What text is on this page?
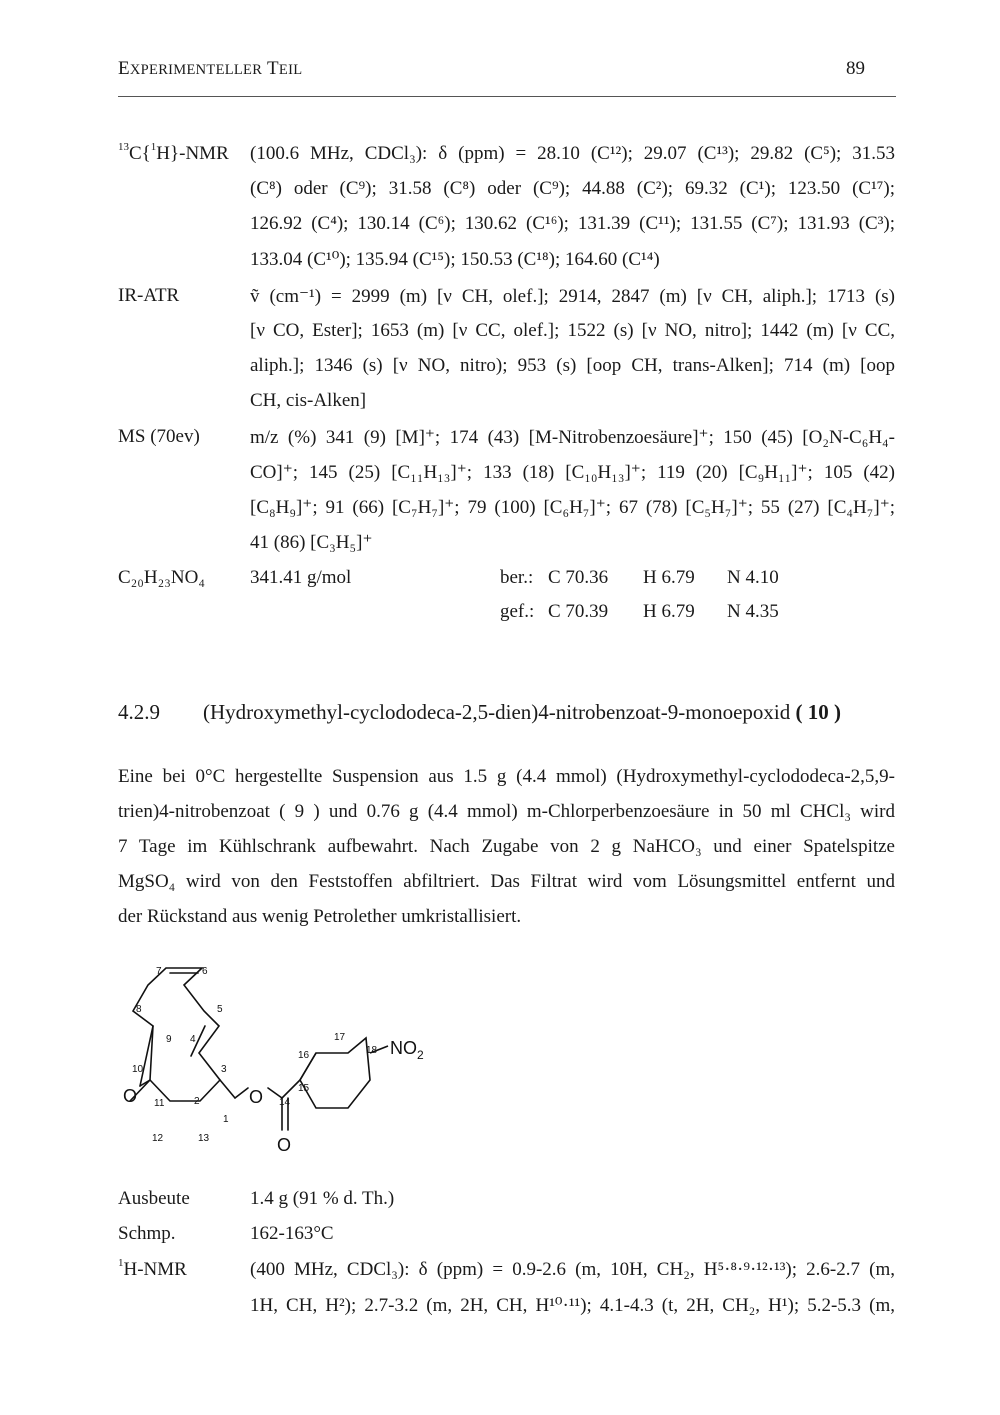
EXPERIMENTELLER TEIL	89
$^{13}$C{$^1$H}-NMR (100.6 MHz, CDCl₃): δ (ppm) = 28.10 (C¹²); 29.07 (C¹³); 29.82 (C⁵); 31.53
(C⁸) oder (C⁹); 31.58 (C⁸) oder (C⁹); 44.88 (C²); 69.32 (C¹); 123.50 (C¹⁷);
126.92 (C⁴); 130.14 (C⁶); 130.62 (C¹⁶); 131.39 (C¹¹); 131.55 (C⁷); 131.93 (C³);
133.04 (C¹⁰); 135.94 (C¹⁵); 150.53 (C¹⁸); 164.60 (C¹⁴)
IR-ATR	ṽ (cm⁻¹) = 2999 (m) [ν CH, olef.]; 2914, 2847 (m) [ν CH, aliph.]; 1713 (s)
[ν CO, Ester]; 1653 (m) [ν CC, olef.]; 1522 (s) [ν NO, nitro]; 1442 (m) [ν CC,
aliph.]; 1346 (s) [ν NO, nitro); 953 (s) [oop CH, trans-Alken]; 714 (m) [oop
CH, cis-Alken]
MS (70ev)	m/z (%) 341 (9) [M]⁺; 174 (43) [M-Nitrobenzoesäure]⁺; 150 (45) [O₂N-C₆H₄-
CO]⁺; 145 (25) [C₁₁H₁₃]⁺; 133 (18) [C₁₀H₁₃]⁺; 119 (20) [C₉H₁₁]⁺; 105 (42)
[C₈H₉]⁺; 91 (66) [C₇H₇]⁺; 79 (100) [C₆H₇]⁺; 67 (78) [C₅H₇]⁺; 55 (27) [C₄H₇]⁺;
41 (86) [C₃H₅]⁺
C₂₀H₂₃NO₄ 341.41 g/mol	ber.: C 70.36 H 6.79 N 4.10
gef.: C 70.39 H 6.79 N 4.35
4.2.9 (Hydroxymethyl-cyclododeca-2,5-dien)4-nitrobenzoat-9-monoepoxid ( 10 )
Eine bei 0°C hergestellte Suspension aus 1.5 g (4.4 mmol) (Hydroxymethyl-cyclododeca-2,5,9-
trien)4-nitrobenzoat ( 9 ) und 0.76 g (4.4 mmol) m-Chlorperbenzoesäure in 50 ml CHCl₃ wird
7 Tage im Kühlschrank aufbewahrt. Nach Zugabe von 2 g NaHCO₃ und einer Spatelspitze
MgSO₄ wird von den Feststoffen abfiltriert. Das Filtrat wird vom Lösungsmittel entfernt und
der Rückstand aus wenig Petrolether umkristallisiert.
7	6
8	5
9 4
10	3
11	2
1
14
12	13
15
16
17
18
O	O
O
$NO_2$
Ausbeute	1.4 g (91 % d. Th.)
Schmp.	162-163°C
$^1$H-NMR	(400 MHz, CDCl₃): δ (ppm) = 0.9-2.6 (m, 10H, CH₂, H⁵·⁸·⁹·¹²·¹³); 2.6-2.7 (m,
1H, CH, H²); 2.7-3.2 (m, 2H, CH, H¹⁰·¹¹); 4.1-4.3 (t, 2H, CH₂, H¹); 5.2-5.3 (m,
